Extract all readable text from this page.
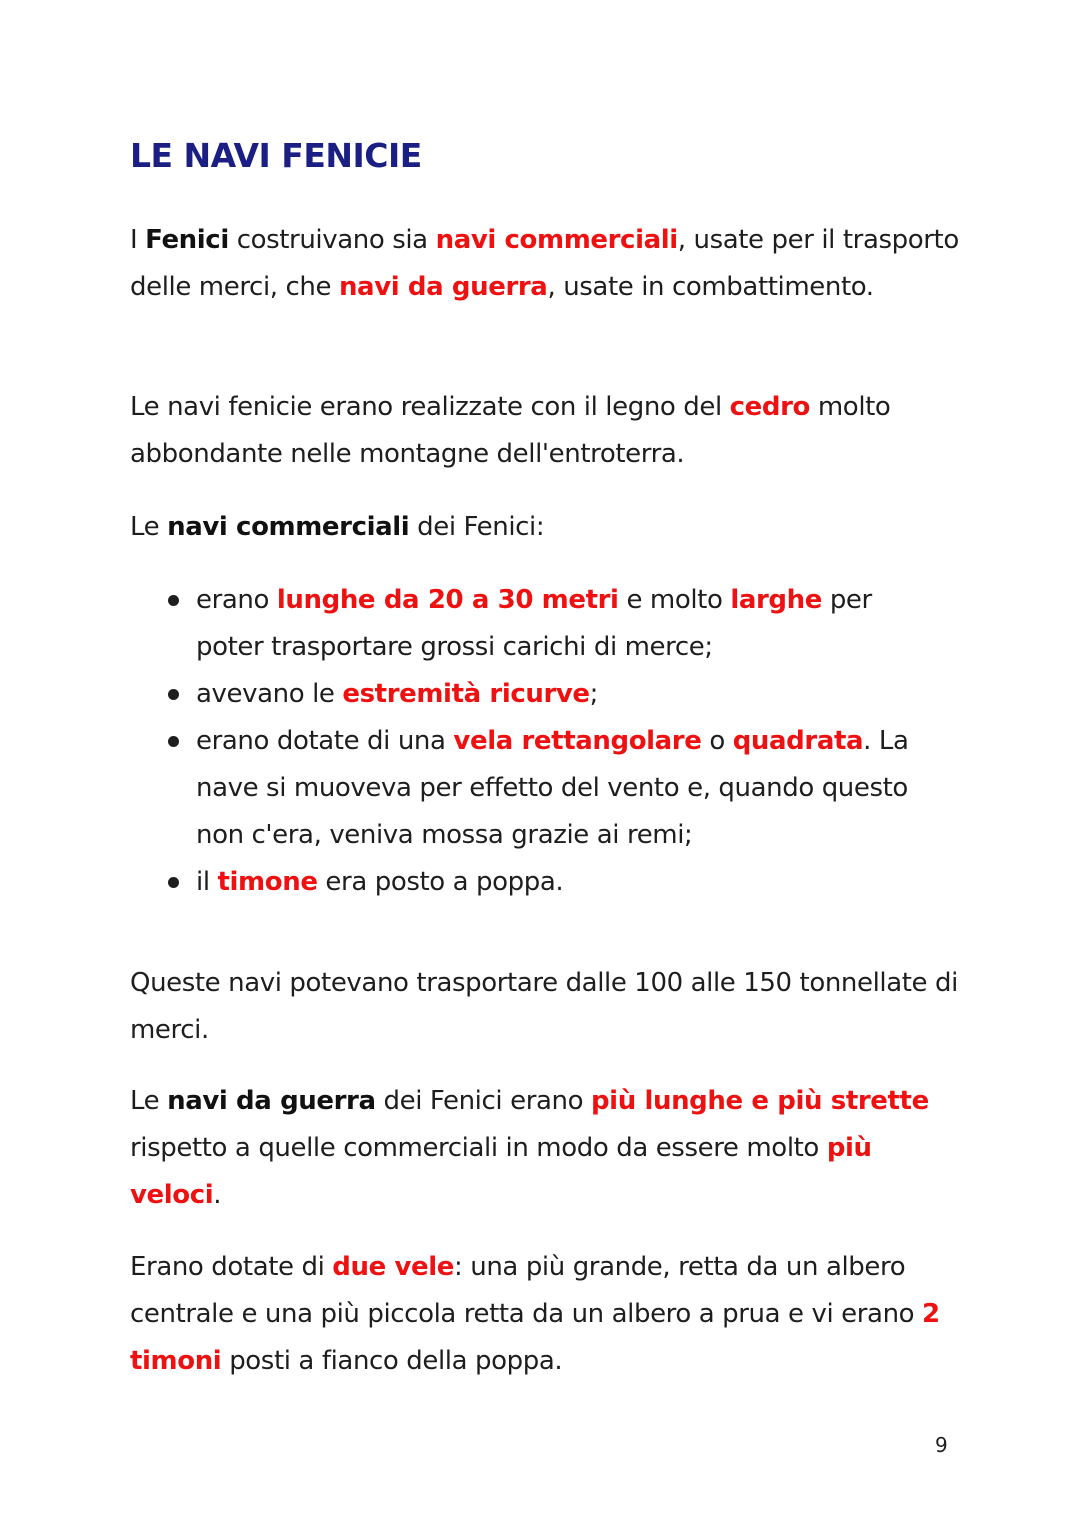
LE NAVI FENICIE

I Fenici costruivano sia navi commerciali, usate per il trasporto delle merci, che navi da guerra, usate in combattimento.

Le navi fenicie erano realizzate con il legno del cedro molto abbondante nelle montagne dell'entroterra.

Le navi commerciali dei Fenici:

erano lunghe da 20 a 30 metri e molto larghe per poter trasportare grossi carichi di merce;
avevano le estremità ricurve;
erano dotate di una vela rettangolare o quadrata. La nave si muoveva per effetto del vento e, quando questo non c'era, veniva mossa grazie ai remi;
il timone era posto a poppa.

Queste navi potevano trasportare dalle 100 alle 150 tonnellate di merci.

Le navi da guerra dei Fenici erano più lunghe e più strette rispetto a quelle commerciali in modo da essere molto più veloci.

Erano dotate di due vele: una più grande, retta da un albero centrale e una più piccola retta da un albero a prua e vi erano 2 timoni posti a fianco della poppa.

9
